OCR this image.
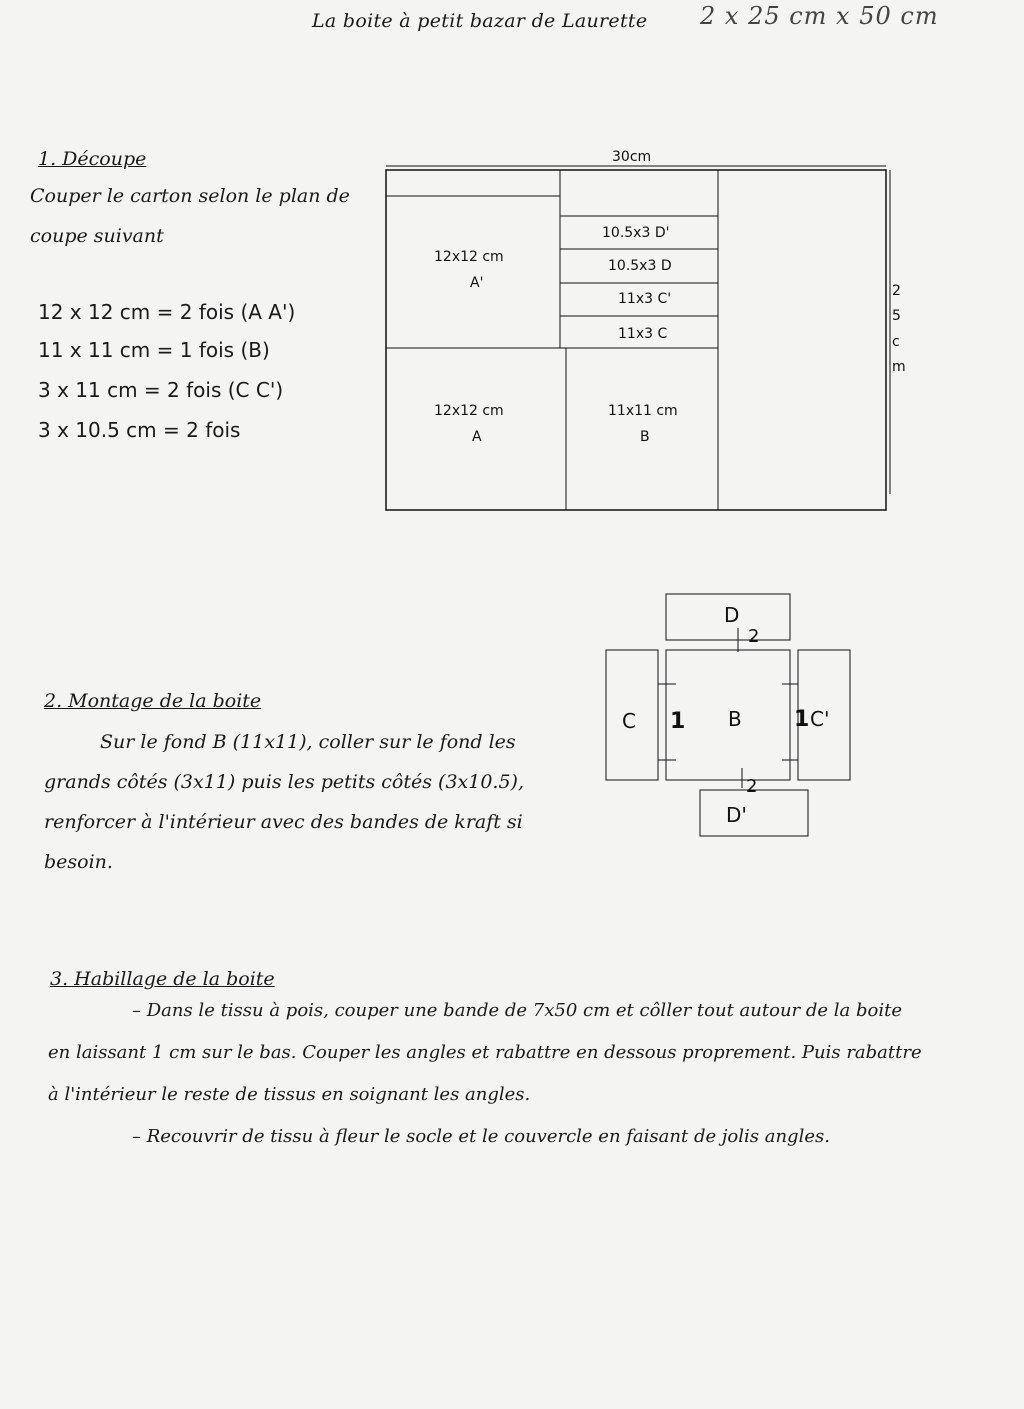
La boite à petit bazar de Laurette 2 x 25 cm x 50 cm
1. Découpe
Couper le carton selon le plan de
coupe suivant
12 x 12 cm = 2 fois (A A')
11 x 11 cm = 1 fois (B)
3 x 11 cm = 2 fois (C C')
3 x 10.5 cm = 2 fois
30cm
2
5
c
m
12x12 cm
A'
12x12 cm
A
11x11 cm
B
10.5x3 D'
10.5x3 D
11x3 C'
11x3 C
2. Montage de la boite
Sur le fond B (11x11), coller sur le fond les
grands côtés (3x11) puis les petits côtés (3x10.5),
renforcer à l'intérieur avec des bandes de kraft si
besoin.
D
C	B	C'
D'
1	1
2
2
3. Habillage de la boite
– Dans le tissu à pois, couper une bande de 7x50 cm et côller tout autour de la boite
en laissant 1 cm sur le bas. Couper les angles et rabattre en dessous proprement. Puis rabattre
à l'intérieur le reste de tissus en soignant les angles.
– Recouvrir de tissu à fleur le socle et le couvercle en faisant de jolis angles.
